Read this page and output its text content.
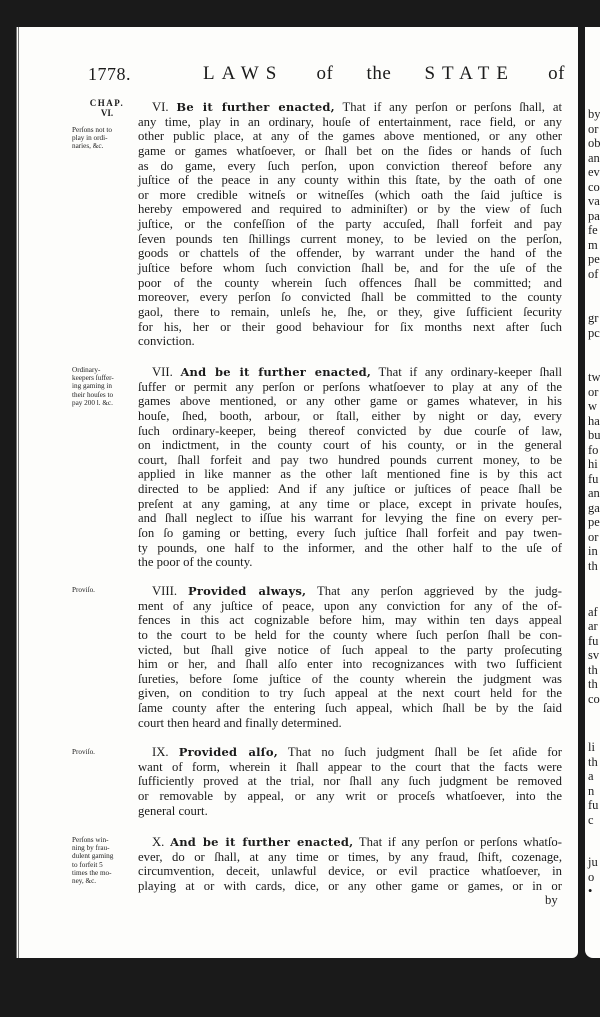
by
or
ob
an
ev
co
va
pa
fe
m
pe
of
gr
pc
tw
or
w
ha
bu
fo
hi
fu
an
ga
pe
or
in
th
af
ar
fu
sv
th
th
co
li
th
a
n
fu
c
ju
o
•
1778.	LAWS of the STATE of
CHAP.
VI.	VI. Be it further enacted, That if any perſon or perſons ſhall, at
any time, play in an ordinary, houſe of entertainment, race field, or any
other public place, at any of the games above mentioned, or any other
game or games whatſoever, or ſhall bet on the ſides or hands of ſuch
as do game, every ſuch perſon, upon conviction thereof before any
juſtice of the peace in any county within this ſtate, by the oath of one
or more credible witneſs or witneſſes (which oath the ſaid juſtice is
hereby empowered and required to adminiſter) or by the view of ſuch
juſtice, or the confeſſion of the party accuſed, ſhall forfeit and pay
ſeven pounds ten ſhillings current money, to be levied on the perſon,
goods or chattels of the offender, by warrant under the hand of the
juſtice before whom ſuch conviction ſhall be, and for the uſe of the
poor of the county wherein ſuch offences ſhall be committed; and
moreover, every perſon ſo convicted ſhall be committed to the county
gaol, there to remain, unleſs he, ſhe, or they, give ſufficient ſecurity
for his, her or their good behaviour for ſix months next after ſuch
conviction.
Perſons not to
play in ordi-
naries, &c.
VII. And be it further enacted, That if any ordinary-keeper ſhall
ſuffer or permit any perſon or perſons whatſoever to play at any of the
games above mentioned, or any other game or games whatever, in his
houſe, ſhed, booth, arbour, or ſtall, either by night or day, every
ſuch ordinary-keeper, being thereof convicted by due courſe of law,
on indictment, in the county court of his county, or in the general
court, ſhall forfeit and pay two hundred pounds current money, to be
applied in like manner as the other laſt mentioned fine is by this act
directed to be applied: And if any juſtice or juſtices of peace ſhall be
preſent at any gaming, at any time or place, except in private houſes,
and ſhall neglect to iſſue his warrant for levying the fine on every per-
ſon ſo gaming or betting, every ſuch juſtice ſhall forfeit and pay twen-
ty pounds, one half to the informer, and the other half to the uſe of
the poor of the county.
Ordinary-
keepers ſuffer-
ing gaming in
their houſes to
pay 200 l. &c.
VIII. Provided always, That any perſon aggrieved by the judg-
ment of any juſtice of peace, upon any conviction for any of the of-
fences in this act cognizable before him, may within ten days appeal
to the court to be held for the county where ſuch perſon ſhall be con-
victed, but ſhall give notice of ſuch appeal to the party proſecuting
him or her, and ſhall alſo enter into recognizances with two ſufficient
ſureties, before ſome juſtice of the county wherein the judgment was
given, on condition to try ſuch appeal at the next court held for the
ſame county after the entering ſuch appeal, which ſhall be by the ſaid
court then heard and finally determined.
Proviſo.
IX. Provided alſo, That no ſuch judgment ſhall be ſet aſide for
want of form, wherein it ſhall appear to the court that the facts were
ſufficiently proved at the trial, nor ſhall any ſuch judgment be removed
or removable by appeal, or any writ or proceſs whatſoever, into the
general court.
Proviſo.
X. And be it further enacted, That if any perſon or perſons whatſo-
ever, do or ſhall, at any time or times, by any fraud, ſhift, cozenage,
circumvention, deceit, unlawful device, or evil practice whatſoever, in
playing at or with cards, dice, or any other game or games, or in or
Perſons win-
ning by frau-
dulent gaming
to forfeit 5
times the mo-
ney, &c.
by
